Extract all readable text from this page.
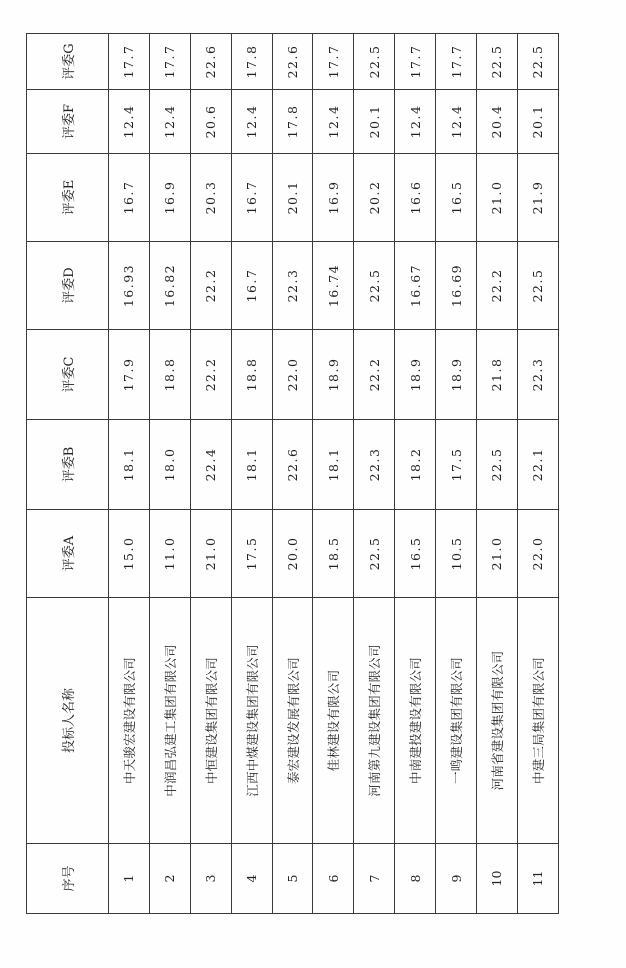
序号	投标人名称	评委A	评委B	评委C	评委D	评委E	评委F	评委G
1	中天骏宏建设有限公司	15.0	18.1	17.9	16.93	16.7	12.4	17.7
2	中润昌弘建工集团有限公司	11.0	18.0	18.8	16.82	16.9	12.4	17.7
3	中恒建设集团有限公司	21.0	22.4	22.2	22.2	20.3	20.6	22.6
4	江西中煤建设集团有限公司	17.5	18.1	18.8	16.7	16.7	12.4	17.8
5	泰宏建设发展有限公司	20.0	22.6	22.0	22.3	20.1	17.8	22.6
6	佳林建设有限公司	18.5	18.1	18.9	16.74	16.9	12.4	17.7
7	河南第九建设集团有限公司	22.5	22.3	22.2	22.5	20.2	20.1	22.5
8	中南建投建设有限公司	16.5	18.2	18.9	16.67	16.6	12.4	17.7
9	一鸣建设集团有限公司	10.5	17.5	18.9	16.69	16.5	12.4	17.7
10	河南省建设集团有限公司	21.0	22.5	21.8	22.2	21.0	20.4	22.5
11	中建三局集团有限公司	22.0	22.1	22.3	22.5	21.9	20.1	22.5
